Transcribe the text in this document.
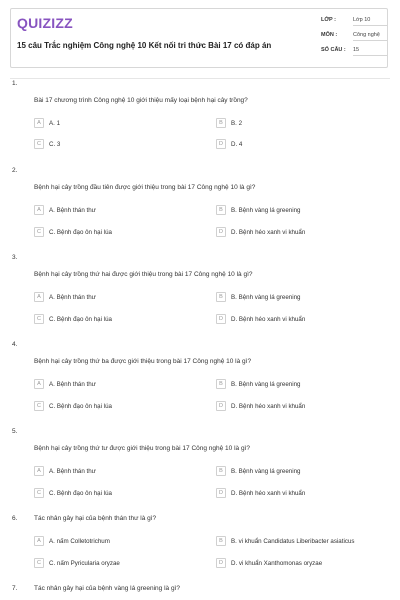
QUIZIZZ
15 câu Trắc nghiệm Công nghệ 10 Kết nối tri thức Bài 17 có đáp án
LỚP :	Lớp 10
MÔN :	Công nghệ
SỐ CÂU : 15
1.
Bài 17 chương trình Công nghệ 10 giới thiệu mấy loại bệnh hại cây trồng?
A	A. 1	B	B. 2
C	C. 3	D	D. 4
2.
Bệnh hại cây trồng đầu tiên được giới thiệu trong bài 17 Công nghệ 10 là gì?
A	A. Bệnh thán thư	B	B. Bệnh vàng lá greening
C	C. Bệnh đạo ôn hại lúa	D	D. Bệnh héo xanh vi khuẩn
3.
Bệnh hại cây trồng thứ hai được giới thiệu trong bài 17 Công nghệ 10 là gì?
A	A. Bệnh thán thư	B	B. Bệnh vàng lá greening
C	C. Bệnh đạo ôn hại lúa	D	D. Bệnh héo xanh vi khuẩn
4.
Bệnh hại cây trồng thứ ba được giới thiệu trong bài 17 Công nghệ 10 là gì?
A	A. Bệnh thán thư	B	B. Bệnh vàng lá greening
C	C. Bệnh đạo ôn hại lúa	D	D. Bệnh héo xanh vi khuẩn
5.
Bệnh hại cây trồng thứ tư được giới thiệu trong bài 17 Công nghệ 10 là gì?
A	A. Bệnh thán thư	B	B. Bệnh vàng lá greening
C	C. Bệnh đạo ôn hại lúa	D	D. Bệnh héo xanh vi khuẩn
6.	Tác nhân gây hại của bệnh thán thư là gì?
A	A. nấm Colletotrichum	B	B. vi khuẩn Candidatus Liberibacter asiaticus
C	C. nấm Pyricularia oryzae	D	D. vi khuẩn Xanthomonas oryzae
7.	Tác nhân gây hại của bệnh vàng lá greening là gì?
